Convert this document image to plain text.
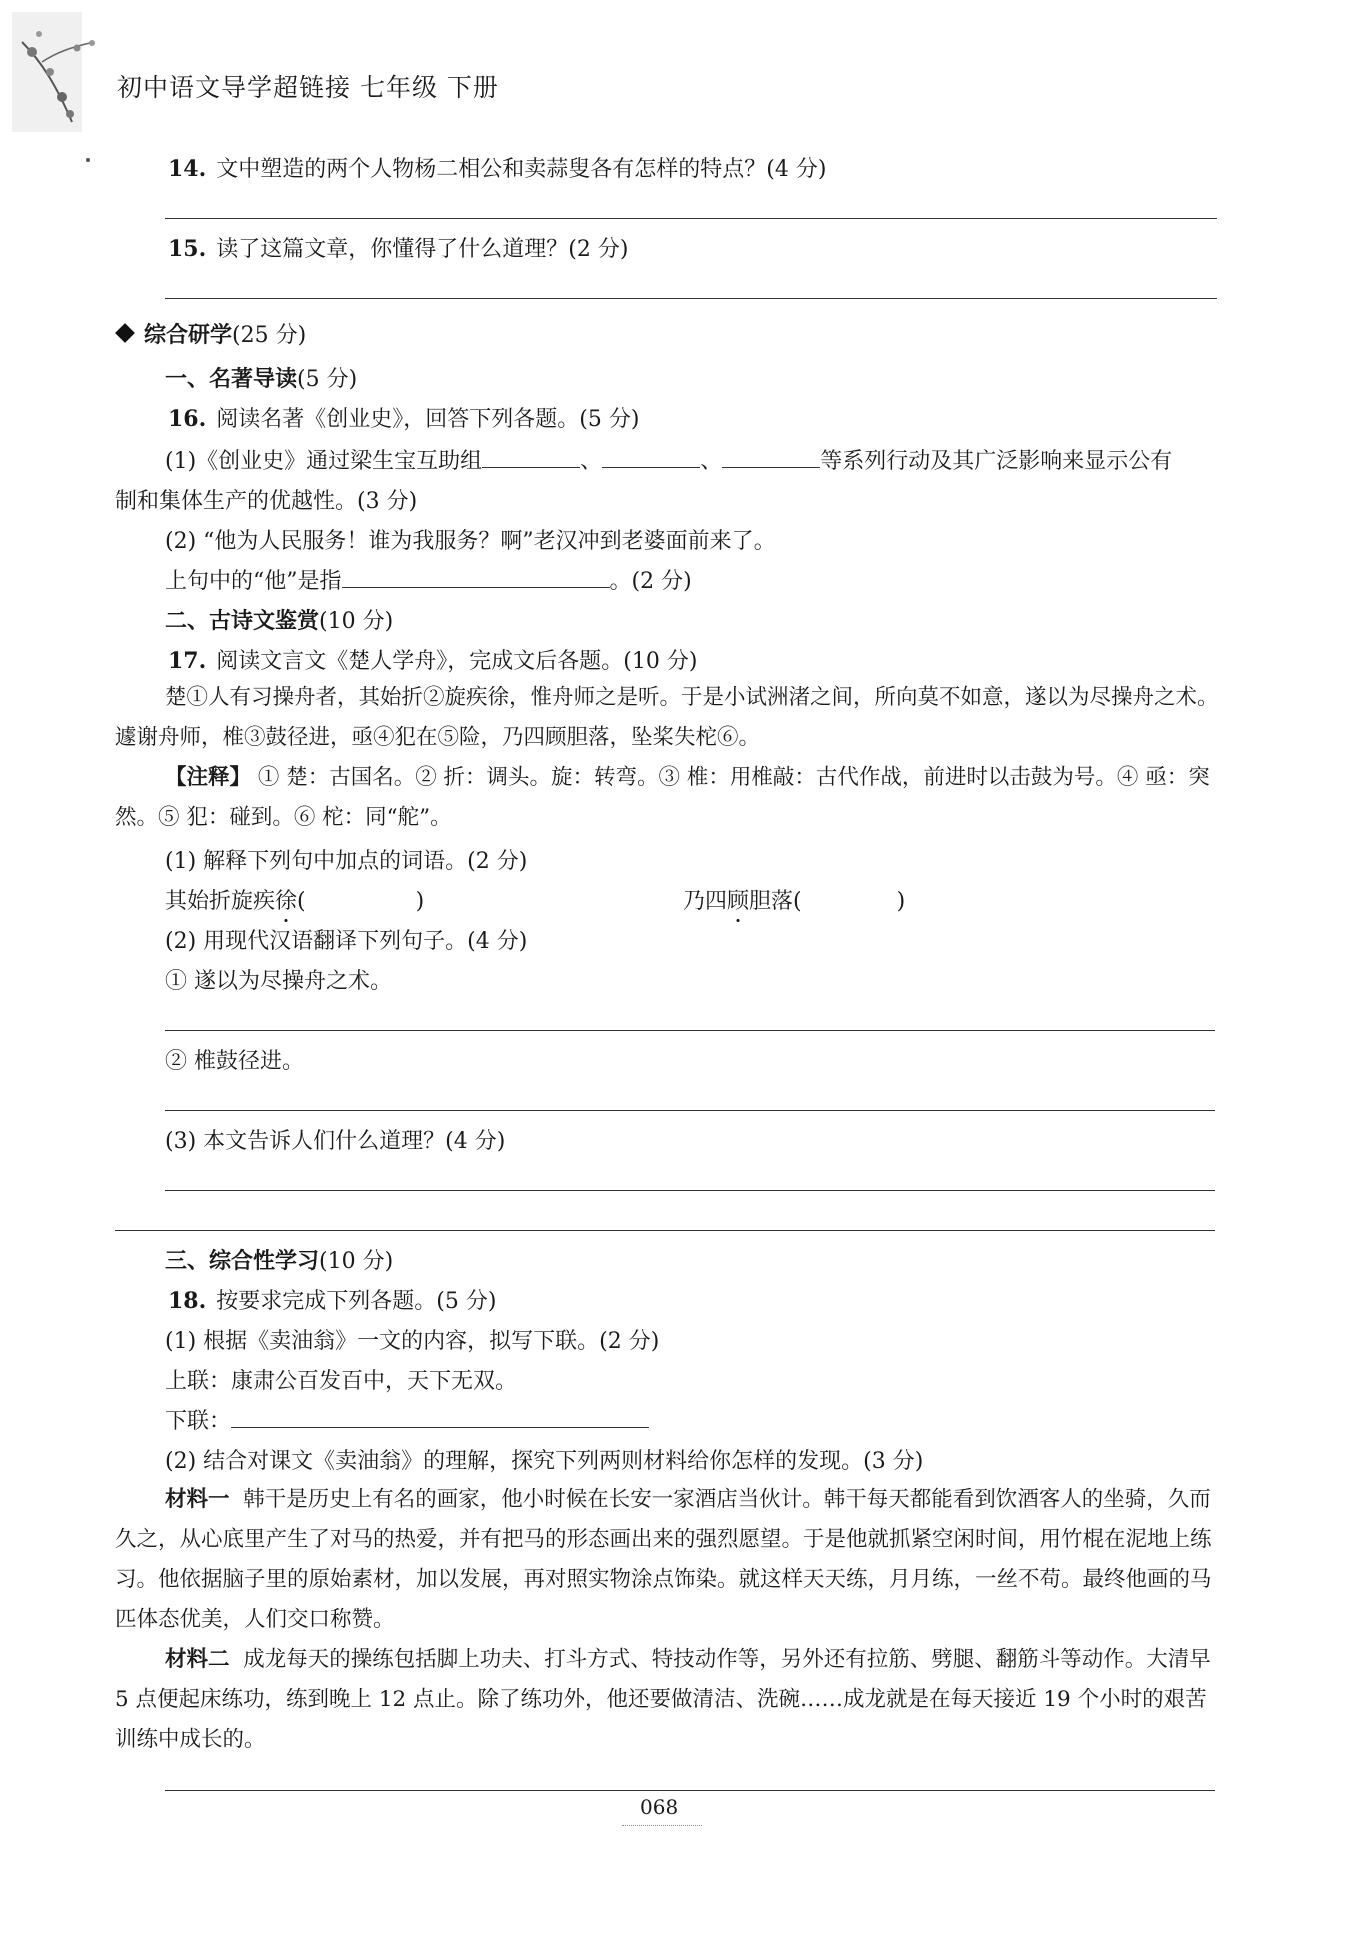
初中语文导学超链接 七年级 下册
14. 文中塑造的两个人物杨二相公和卖蒜叟各有怎样的特点？(4 分)
15. 读了这篇文章，你懂得了什么道理？(2 分)
综合研学(25 分)
一、名著导读(5 分)
16. 阅读名著《创业史》，回答下列各题。(5 分)
(1)《创业史》通过梁生宝互助组	、	、	等系列行动及其广泛影响来显示公有
制和集体生产的优越性。(3 分)
(2) “他为人民服务！谁为我服务？啊”老汉冲到老婆面前来了。
上句中的“他”是指	。(2 分)
二、古诗文鉴赏(10 分)
17. 阅读文言文《楚人学舟》，完成文后各题。(10 分)
楚①人有习操舟者，其始折②旋疾徐，惟舟师之是听。于是小试洲渚之间，所向莫不如意，遂以为尽操舟之术。遽谢舟师，椎③鼓径进，亟④犯在⑤险，乃四顾胆落，坠桨失柁⑥。
【注释】 ① 楚：古国名。② 折：调头。旋：转弯。③ 椎：用椎敲：古代作战，前进时以击鼓为号。④ 亟：突然。⑤ 犯：碰到。⑥ 柁：同“舵”。
(1) 解释下列句中加点的词语。(2 分)
其始折旋疾徐(	)	乃四顾胆落(	)
(2) 用现代汉语翻译下列句子。(4 分)
① 遂以为尽操舟之术。
② 椎鼓径进。
(3) 本文告诉人们什么道理？(4 分)
三、综合性学习(10 分)
18. 按要求完成下列各题。(5 分)
(1) 根据《卖油翁》一文的内容，拟写下联。(2 分)
上联：康肃公百发百中，天下无双。
下联：
(2) 结合对课文《卖油翁》的理解，探究下列两则材料给你怎样的发现。(3 分)
材料一 韩干是历史上有名的画家，他小时候在长安一家酒店当伙计。韩干每天都能看到饮酒客人的坐骑，久而久之，从心底里产生了对马的热爱，并有把马的形态画出来的强烈愿望。于是他就抓紧空闲时间，用竹棍在泥地上练习。他依据脑子里的原始素材，加以发展，再对照实物涂点饰染。就这样天天练，月月练，一丝不苟。最终他画的马匹体态优美，人们交口称赞。
材料二 成龙每天的操练包括脚上功夫、打斗方式、特技动作等，另外还有拉筋、劈腿、翻筋斗等动作。大清早 5 点便起床练功，练到晚上 12 点止。除了练功外，他还要做清洁、洗碗……成龙就是在每天接近 19 个小时的艰苦训练中成长的。
068
